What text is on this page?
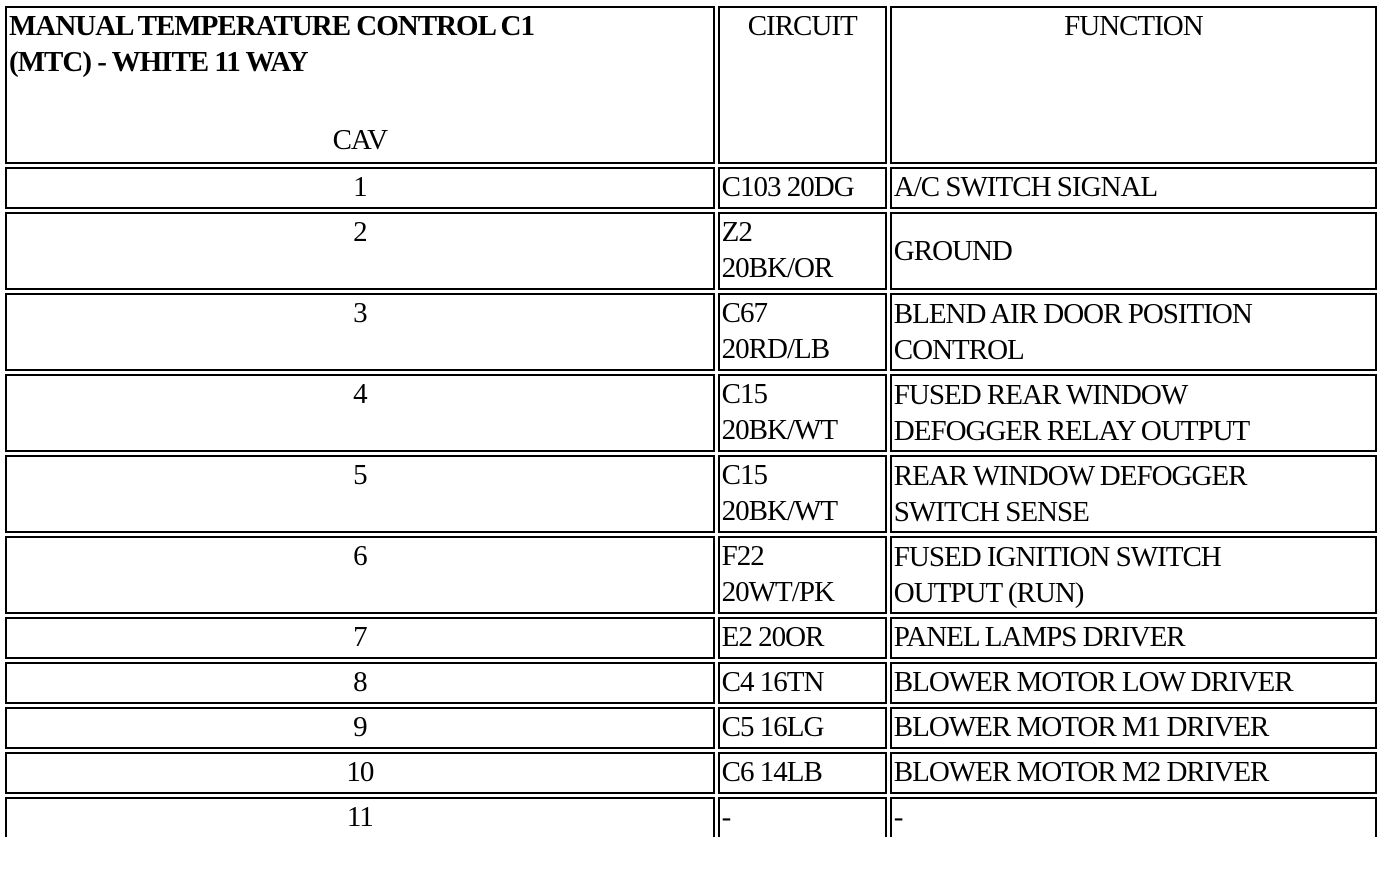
MANUAL TEMPERATURE CONTROL C1
(MTC) - WHITE 11 WAY
CAV	CIRCUIT	FUNCTION
1	C103 20DG	A/C SWITCH SIGNAL

2	Z2
20BK/OR	GROUND

3	C67
20RD/LB	BLEND AIR DOOR POSITION
CONTROL

4	C15
20BK/WT	FUSED REAR WINDOW
DEFOGGER RELAY OUTPUT

5	C15
20BK/WT	REAR WINDOW DEFOGGER
SWITCH SENSE

6	F22
20WT/PK	FUSED IGNITION SWITCH
OUTPUT (RUN)

7	E2 20OR	PANEL LAMPS DRIVER

8	C4 16TN	BLOWER MOTOR LOW DRIVER

9	C5 16LG	BLOWER MOTOR M1 DRIVER

10	C6 14LB	BLOWER MOTOR M2 DRIVER

11	-	-
